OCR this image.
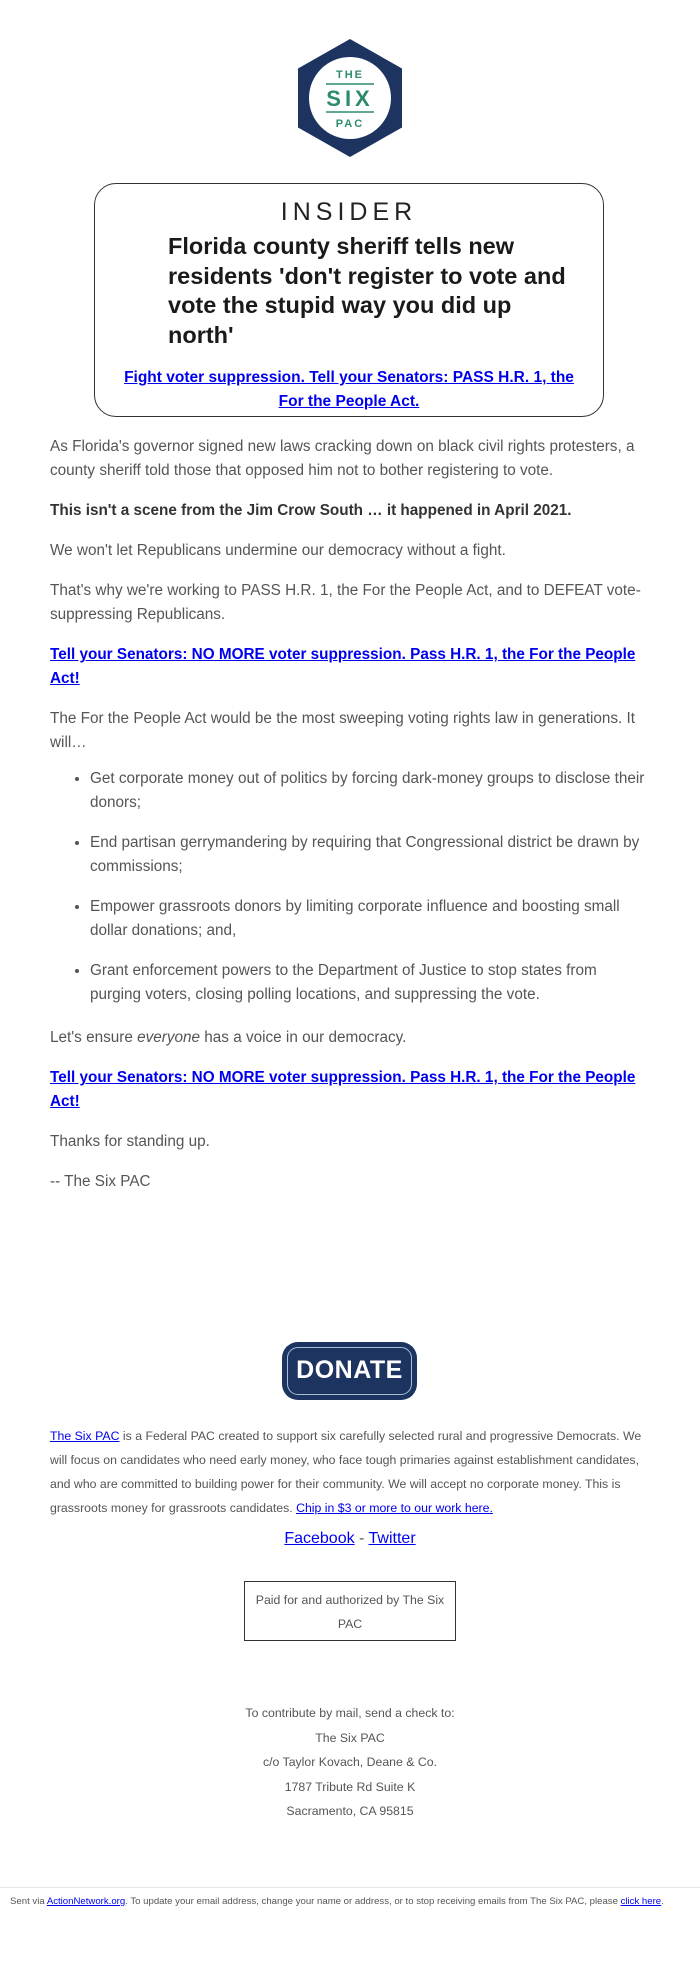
THE
SIX
PAC
INSIDER
Florida county sheriff tells new residents 'don't register to vote and vote the stupid way you did up north'
Fight voter suppression. Tell your Senators: PASS H.R. 1, the For the People Act.

As Florida's governor signed new laws cracking down on black civil rights protesters, a county sheriff told those that opposed him not to bother registering to vote.

This isn't a scene from the Jim Crow South … it happened in April 2021.

We won't let Republicans undermine our democracy without a fight.

That's why we're working to PASS H.R. 1, the For the People Act, and to DEFEAT vote-suppressing Republicans.

Tell your Senators: NO MORE voter suppression. Pass H.R. 1, the For the People Act!

The For the People Act would be the most sweeping voting rights law in generations. It will…

• Get corporate money out of politics by forcing dark-money groups to disclose their donors;
• End partisan gerrymandering by requiring that Congressional district be drawn by commissions;
• Empower grassroots donors by limiting corporate influence and boosting small dollar donations; and,
• Grant enforcement powers to the Department of Justice to stop states from purging voters, closing polling locations, and suppressing the vote.
Let's ensure everyone has a voice in our democracy.
Tell your Senators: NO MORE voter suppression. Pass H.R. 1, the For the People Act!

Thanks for standing up.

-- The Six PAC

DONATE
The Six PAC is a Federal PAC created to support six carefully selected rural and progressive Democrats. We will focus on candidates who need early money, who face tough primaries against establishment candidates, and who are committed to building power for their community. We will accept no corporate money. This is grassroots money for grassroots candidates. Chip in $3 or more to our work here.
Facebook - Twitter
Paid for and authorized by The Six PAC
To contribute by mail, send a check to:
The Six PAC
c/o Taylor Kovach, Deane & Co.
1787 Tribute Rd Suite K
Sacramento, CA 95815
Sent via ActionNetwork.org. To update your email address, change your name or address, or to stop receiving emails from The Six PAC, please click here.
